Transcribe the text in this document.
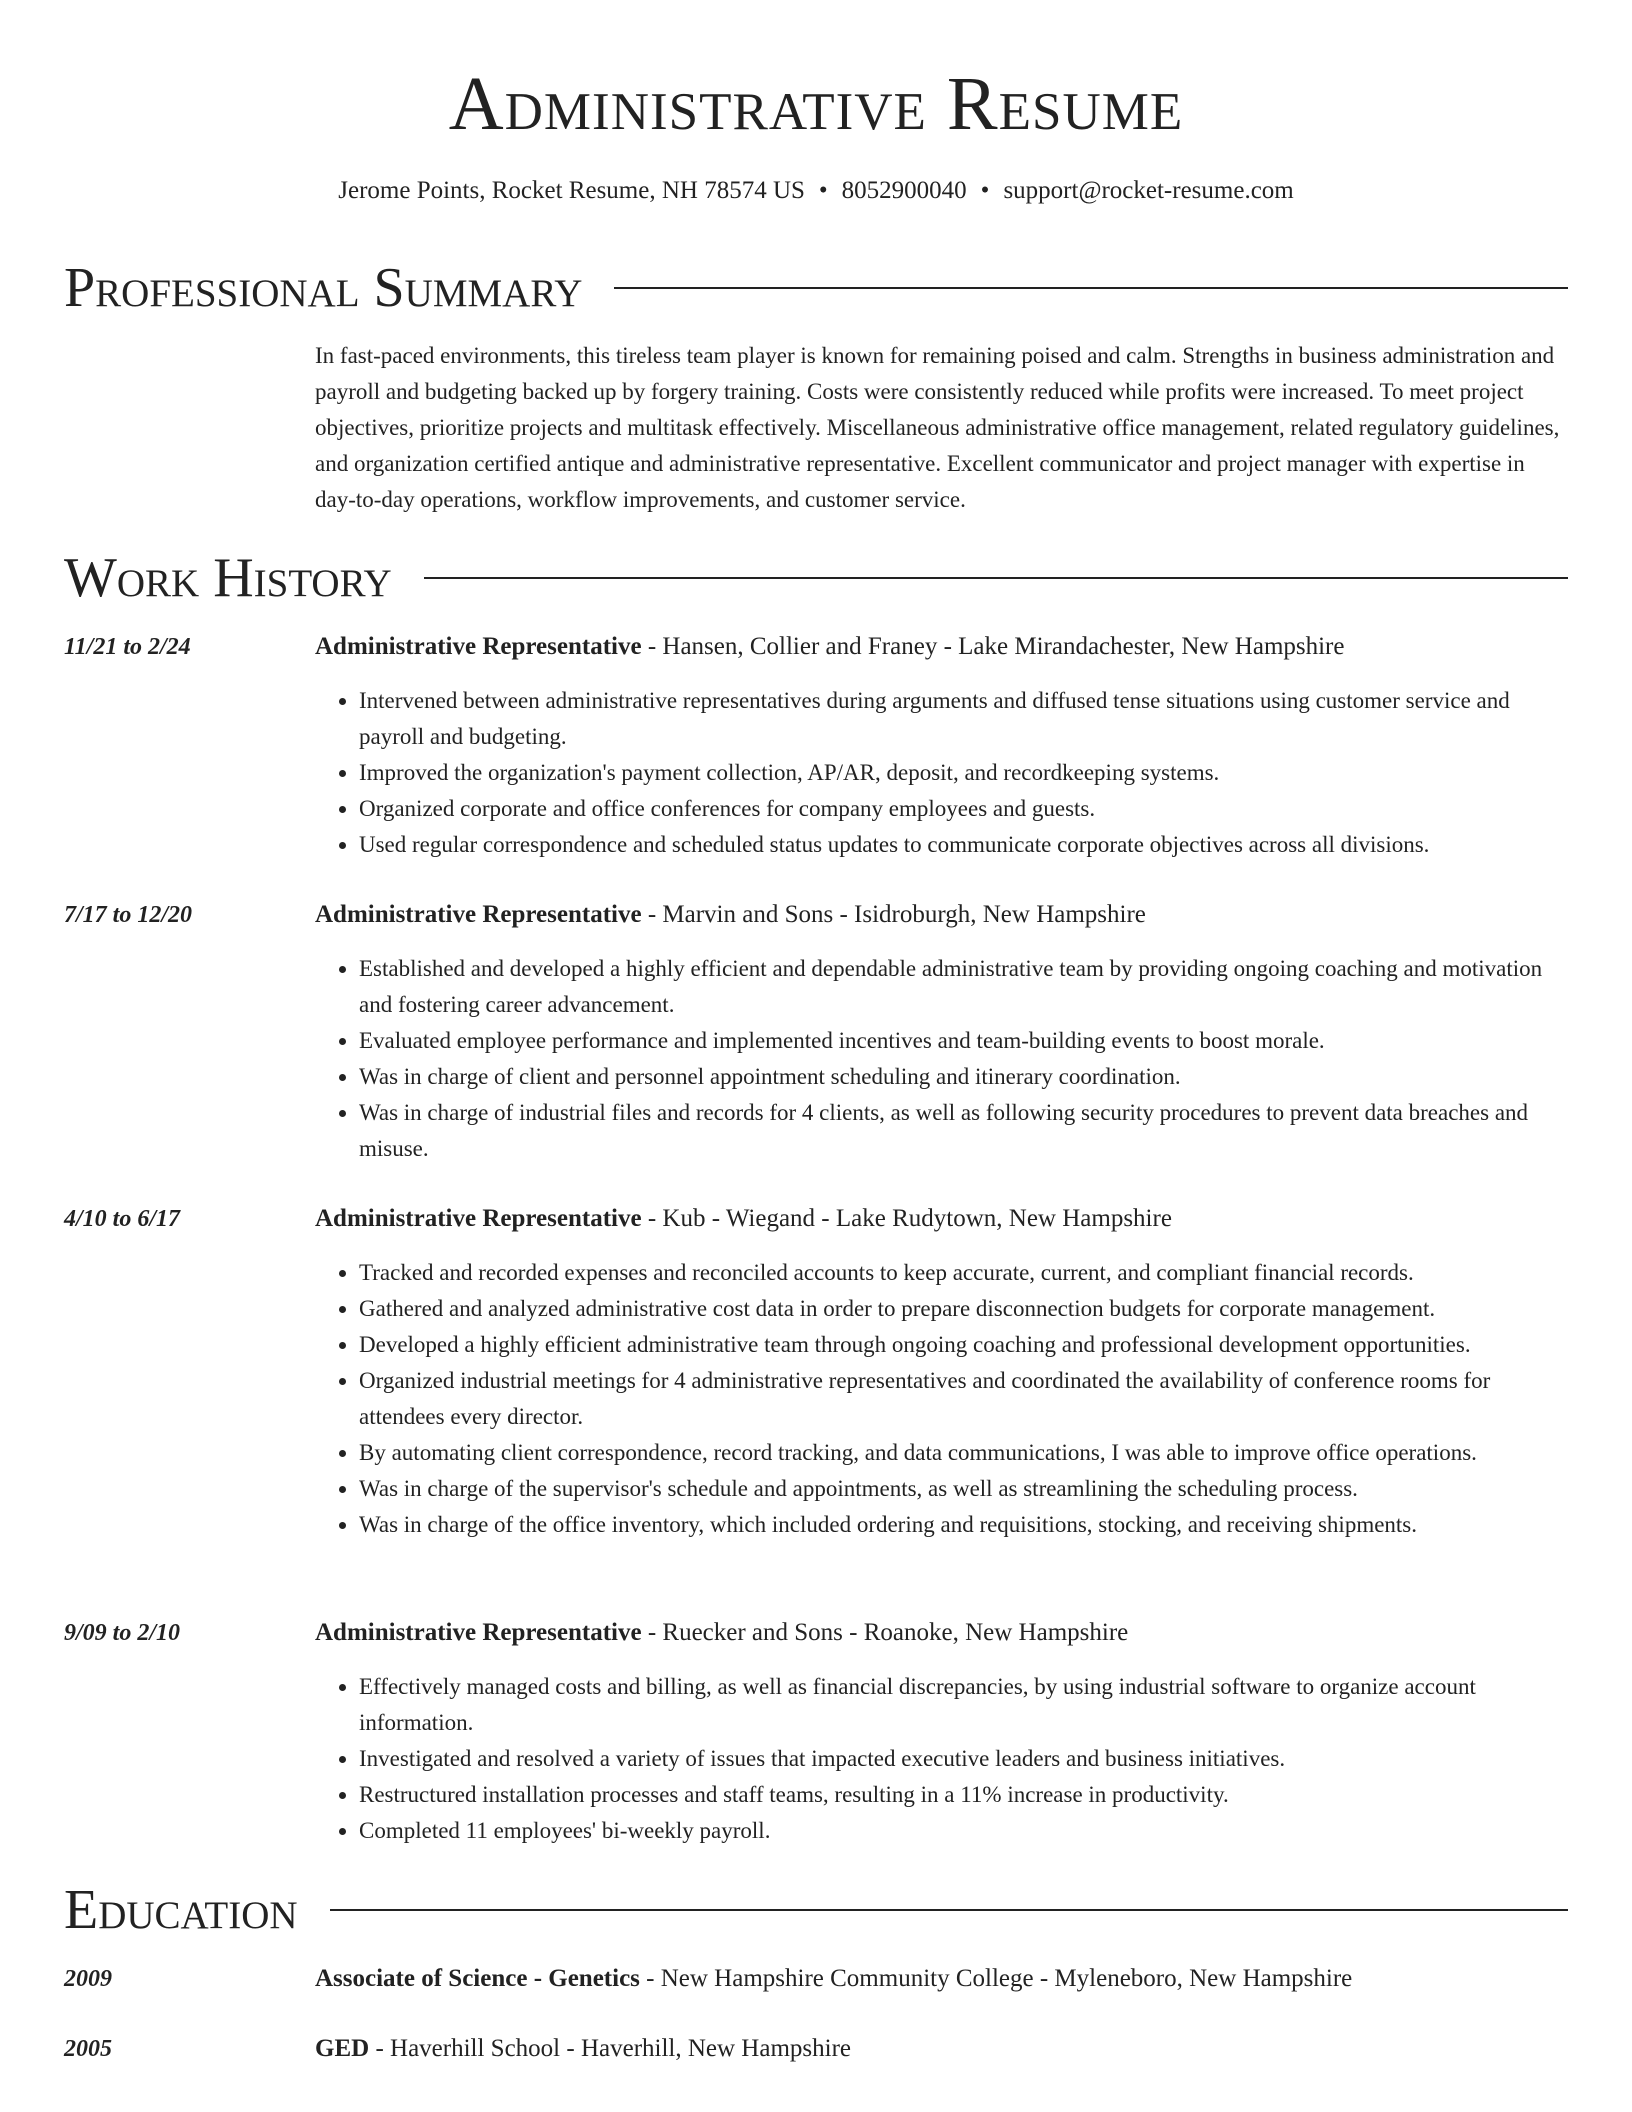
Administrative Resume
Jerome Points, Rocket Resume, NH 78574 US • 8052900040 • support@rocket-resume.com
Professional Summary

In fast-paced environments, this tireless team player is known for remaining poised and calm. Strengths in business administration and payroll and budgeting backed up by forgery training. Costs were consistently reduced while profits were increased. To meet project objectives, prioritize projects and multitask effectively. Miscellaneous administrative office management, related regulatory guidelines, and organization certified antique and administrative representative. Excellent communicator and project manager with expertise in day-to-day operations, workflow improvements, and customer service.

Work History
11/21 to 2/24	Administrative Representative - Hansen, Collier and Franey - Lake Mirandachester, New Hampshire
• Intervened between administrative representatives during arguments and diffused tense situations using customer service and payroll and budgeting.
• Improved the organization's payment collection, AP/AR, deposit, and recordkeeping systems.
• Organized corporate and office conferences for company employees and guests.
• Used regular correspondence and scheduled status updates to communicate corporate objectives across all divisions.
7/17 to 12/20	Administrative Representative - Marvin and Sons - Isidroburgh, New Hampshire
• Established and developed a highly efficient and dependable administrative team by providing ongoing coaching and motivation and fostering career advancement.
• Evaluated employee performance and implemented incentives and team-building events to boost morale.
• Was in charge of client and personnel appointment scheduling and itinerary coordination.
• Was in charge of industrial files and records for 4 clients, as well as following security procedures to prevent data breaches and misuse.
4/10 to 6/17	Administrative Representative - Kub - Wiegand - Lake Rudytown, New Hampshire
• Tracked and recorded expenses and reconciled accounts to keep accurate, current, and compliant financial records.
• Gathered and analyzed administrative cost data in order to prepare disconnection budgets for corporate management.
• Developed a highly efficient administrative team through ongoing coaching and professional development opportunities.
• Organized industrial meetings for 4 administrative representatives and coordinated the availability of conference rooms for attendees every director.
• By automating client correspondence, record tracking, and data communications, I was able to improve office operations.
• Was in charge of the supervisor's schedule and appointments, as well as streamlining the scheduling process.
• Was in charge of the office inventory, which included ordering and requisitions, stocking, and receiving shipments.
9/09 to 2/10	Administrative Representative - Ruecker and Sons - Roanoke, New Hampshire
• Effectively managed costs and billing, as well as financial discrepancies, by using industrial software to organize account information.
• Investigated and resolved a variety of issues that impacted executive leaders and business initiatives.
• Restructured installation processes and staff teams, resulting in a 11% increase in productivity.
• Completed 11 employees' bi-weekly payroll.
Education
2009	Associate of Science - Genetics - New Hampshire Community College - Myleneboro, New Hampshire
2005	GED - Haverhill School - Haverhill, New Hampshire
